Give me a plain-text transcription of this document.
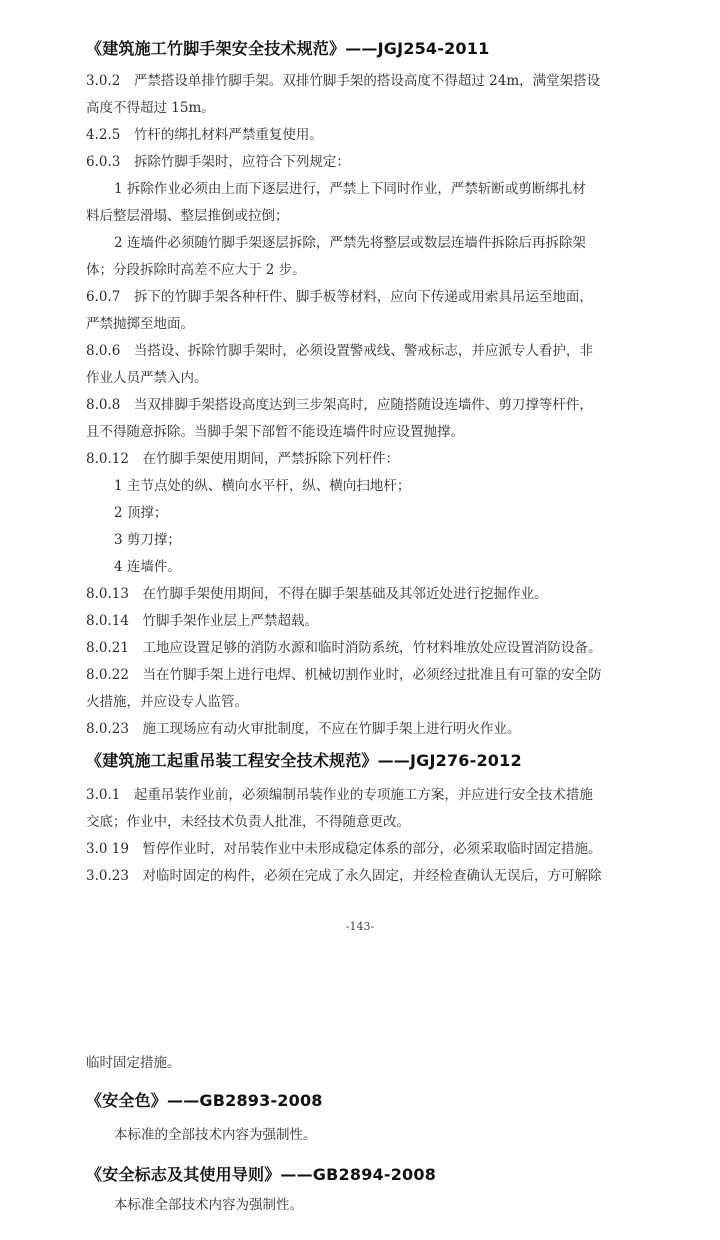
《建筑施工竹脚手架安全技术规范》——JGJ254-2011
3.0.2　严禁搭设单排竹脚手架。双排竹脚手架的搭设高度不得超过 24m，满堂架搭设
高度不得超过 15m。
4.2.5　竹杆的绑扎材料严禁重复使用。
6.0.3　拆除竹脚手架时，应符合下列规定：
1 拆除作业必须由上而下逐层进行，严禁上下同时作业，严禁斩断或剪断绑扎材
料后整层滑塌、整层推倒或拉倒；
2 连墙件必须随竹脚手架逐层拆除，严禁先将整层或数层连墙件拆除后再拆除架
体；分段拆除时高差不应大于 2 步。
6.0.7　拆下的竹脚手架各种杆件、脚手板等材料，应向下传递或用索具吊运至地面，
严禁抛掷至地面。
8.0.6　当搭设、拆除竹脚手架时，必须设置警戒线、警戒标志，并应派专人看护，非
作业人员严禁入内。
8.0.8　当双排脚手架搭设高度达到三步架高时，应随搭随设连墙件、剪刀撑等杆件，
且不得随意拆除。当脚手架下部暂不能设连墙件时应设置抛撑。
8.0.12　在竹脚手架使用期间，严禁拆除下列杆件：
1 主节点处的纵、横向水平杆，纵、横向扫地杆；
2 顶撑；
3 剪刀撑；
4 连墙件。
8.0.13　在竹脚手架使用期间，不得在脚手架基础及其邻近处进行挖掘作业。
8.0.14　竹脚手架作业层上严禁超载。
8.0.21　工地应设置足够的消防水源和临时消防系统，竹材料堆放处应设置消防设备。
8.0.22　当在竹脚手架上进行电焊、机械切割作业时，必须经过批准且有可靠的安全防
火措施，并应设专人监管。
8.0.23　施工现场应有动火审批制度，不应在竹脚手架上进行明火作业。
《建筑施工起重吊装工程安全技术规范》——JGJ276-2012
3.0.1　起重吊装作业前，必须编制吊装作业的专项施工方案，并应进行安全技术措施
交底；作业中，未经技术负责人批准，不得随意更改。
3.0 19　暂停作业时，对吊装作业中未形成稳定体系的部分，必须采取临时固定措施。
3.0.23　对临时固定的构件，必须在完成了永久固定，并经检查确认无误后，方可解除
-143-
临时固定措施。
《安全色》——GB2893-2008
本标准的全部技术内容为强制性。
《安全标志及其使用导则》——GB2894-2008
本标准全部技术内容为强制性。
